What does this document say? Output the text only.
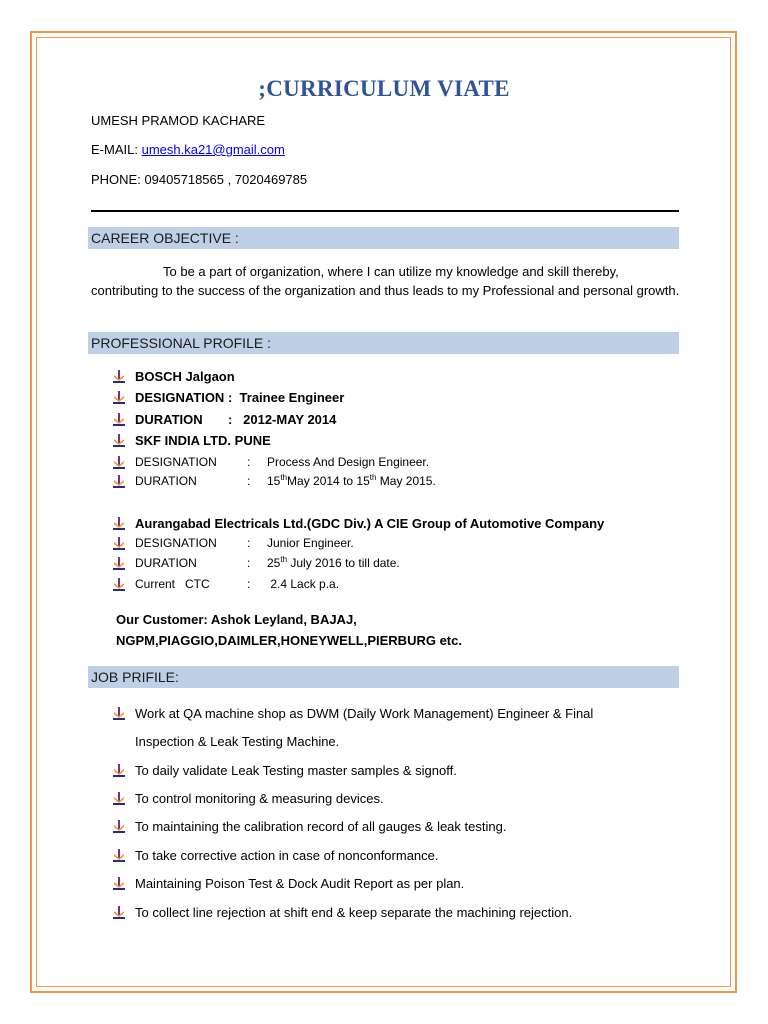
;CURRICULUM VIATE
UMESH PRAMOD KACHARE
E-MAIL: umesh.ka21@gmail.com
PHONE: 09405718565 , 7020469785
CAREER OBJECTIVE :
To be a part of organization, where I can utilize my knowledge and skill thereby, contributing to the success of the organization and thus leads to my Professional and personal growth.
PROFESSIONAL PROFILE :
BOSCH Jalgaon
DESIGNATION : Trainee Engineer
DURATION : 2012-MAY 2014
SKF INDIA LTD. PUNE
DESIGNATION	: Process And Design Engineer.
DURATION	: 15thMay 2014 to 15th May 2015.
Aurangabad Electricals Ltd.(GDC Div.) A CIE Group of Automotive Company
DESIGNATION	: Junior Engineer.
DURATION	: 25th July 2016 to till date.
Current   CTC	: 2.4 Lack p.a.
Our Customer: Ashok Leyland, BAJAJ, NGPM,PIAGGIO,DAIMLER,HONEYWELL,PIERBURG etc.
JOB PRIFILE:
Work at QA machine shop as DWM (Daily Work Management) Engineer & Final Inspection & Leak Testing Machine.
To daily validate Leak Testing master samples & signoff.
To control monitoring & measuring devices.
To maintaining the calibration record of all gauges & leak testing.
To take corrective action in case of nonconformance.
Maintaining Poison Test & Dock Audit Report as per plan.
To collect line rejection at shift end & keep separate the machining rejection.
